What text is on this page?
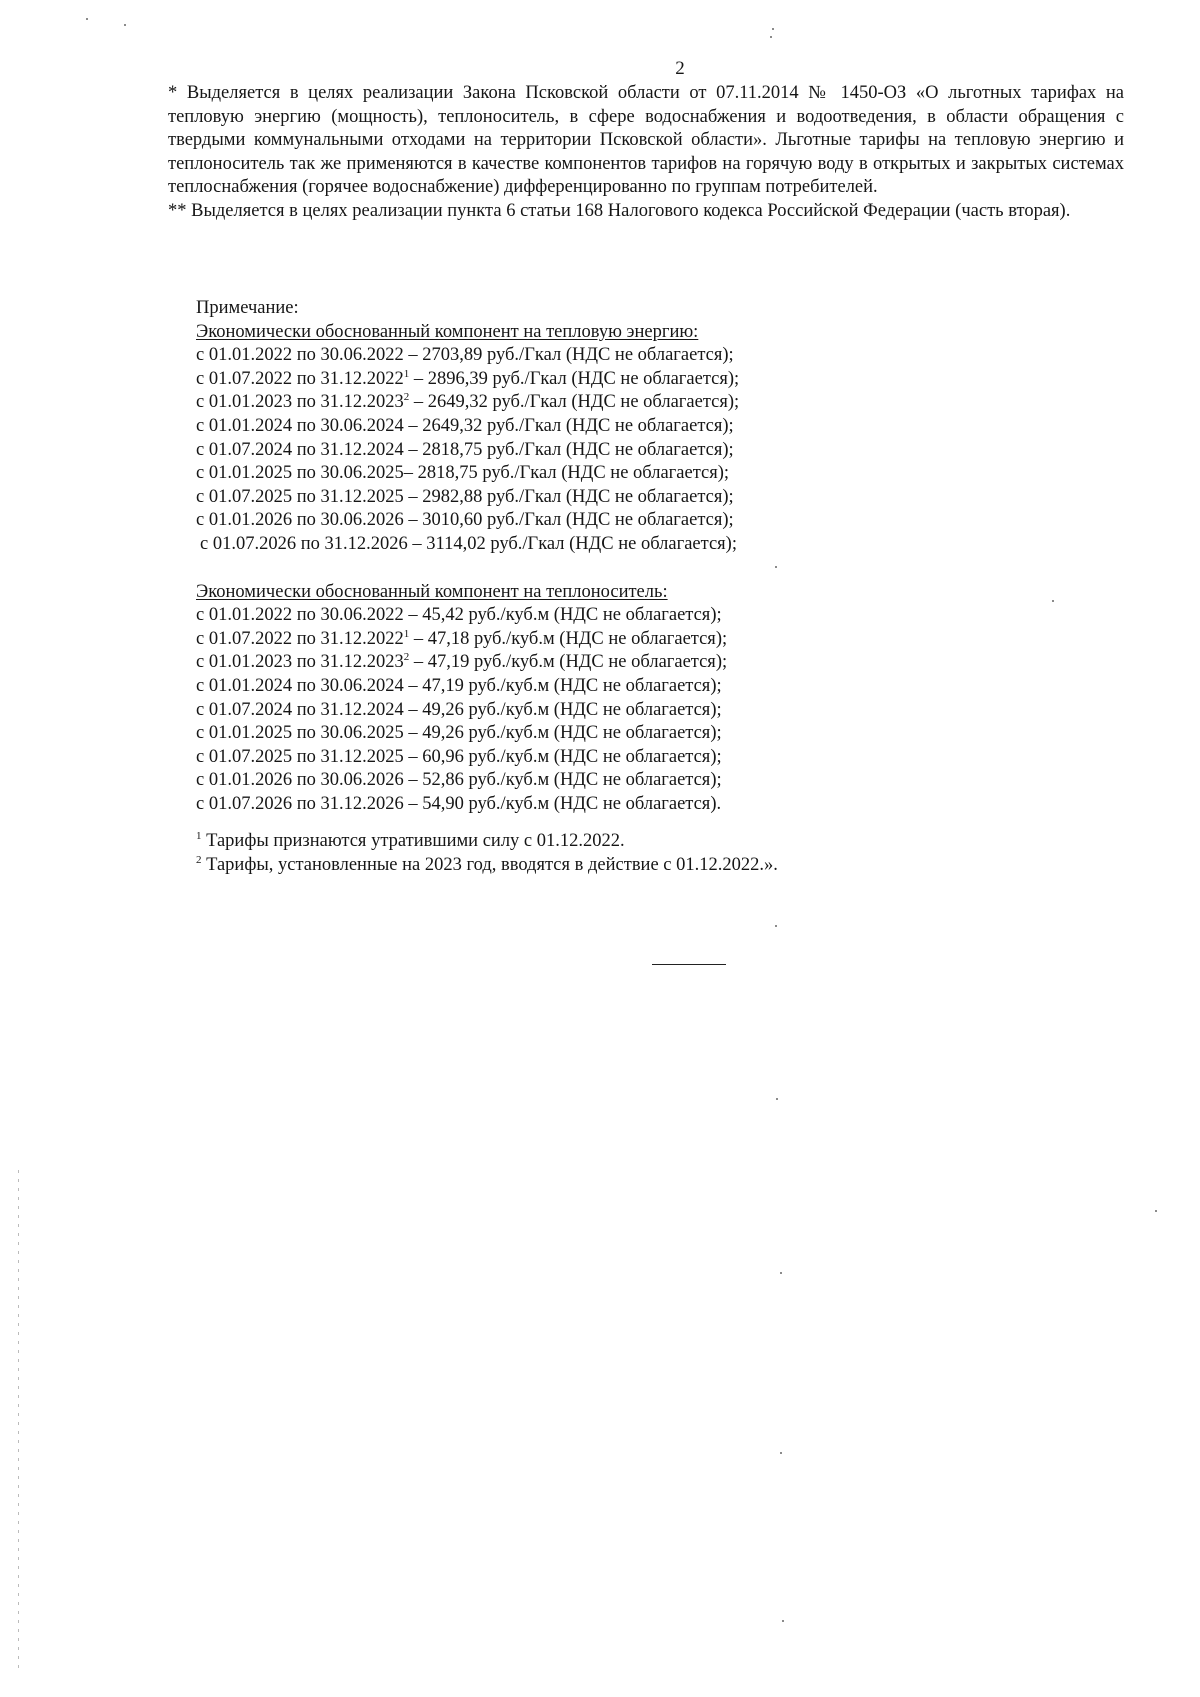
2

* Выделяется в целях реализации Закона Псковской области от 07.11.2014 № 1450-ОЗ «О льготных тарифах на тепловую энергию (мощность), теплоноситель, в сфере водоснабжения и водоотведения, в области обращения с твердыми коммунальными отходами на территории Псковской области». Льготные тарифы на тепловую энергию и теплоноситель так же применяются в качестве компонентов тарифов на горячую воду в открытых и закрытых системах теплоснабжения (горячее водоснабжение) дифференцированно по группам потребителей.

** Выделяется в целях реализации пункта 6 статьи 168 Налогового кодекса Российской Федерации (часть вторая).

Примечание:

Экономически обоснованный компонент на тепловую энергию:

с 01.01.2022 по 30.06.2022 – 2703,89 руб./Гкал (НДС не облагается);

с 01.07.2022 по 31.12.2022$^1$ – 2896,39 руб./Гкал (НДС не облагается);

с 01.01.2023 по 31.12.2023$^2$ – 2649,32 руб./Гкал (НДС не облагается);

с 01.01.2024 по 30.06.2024 – 2649,32 руб./Гкал (НДС не облагается);

с 01.07.2024 по 31.12.2024 – 2818,75 руб./Гкал (НДС не облагается);

с 01.01.2025 по 30.06.2025– 2818,75 руб./Гкал (НДС не облагается);

с 01.07.2025 по 31.12.2025 – 2982,88 руб./Гкал (НДС не облагается);

с 01.01.2026 по 30.06.2026 – 3010,60 руб./Гкал (НДС не облагается);

с 01.07.2026 по 31.12.2026 – 3114,02 руб./Гкал (НДС не облагается);

Экономически обоснованный компонент на теплоноситель:

с 01.01.2022 по 30.06.2022 – 45,42 руб./куб.м (НДС не облагается);

с 01.07.2022 по 31.12.2022$^1$ – 47,18 руб./куб.м (НДС не облагается);

с 01.01.2023 по 31.12.2023$^2$ – 47,19 руб./куб.м (НДС не облагается);

с 01.01.2024 по 30.06.2024 – 47,19 руб./куб.м (НДС не облагается);

с 01.07.2024 по 31.12.2024 – 49,26 руб./куб.м (НДС не облагается);

с 01.01.2025 по 30.06.2025 – 49,26 руб./куб.м (НДС не облагается);

с 01.07.2025 по 31.12.2025 – 60,96 руб./куб.м (НДС не облагается);

с 01.01.2026 по 30.06.2026 – 52,86 руб./куб.м (НДС не облагается);

с 01.07.2026 по 31.12.2026 – 54,90 руб./куб.м (НДС не облагается).

$^1$ Тарифы признаются утратившими силу с 01.12.2022.

$^2$ Тарифы, установленные на 2023 год, вводятся в действие с 01.12.2022.».
